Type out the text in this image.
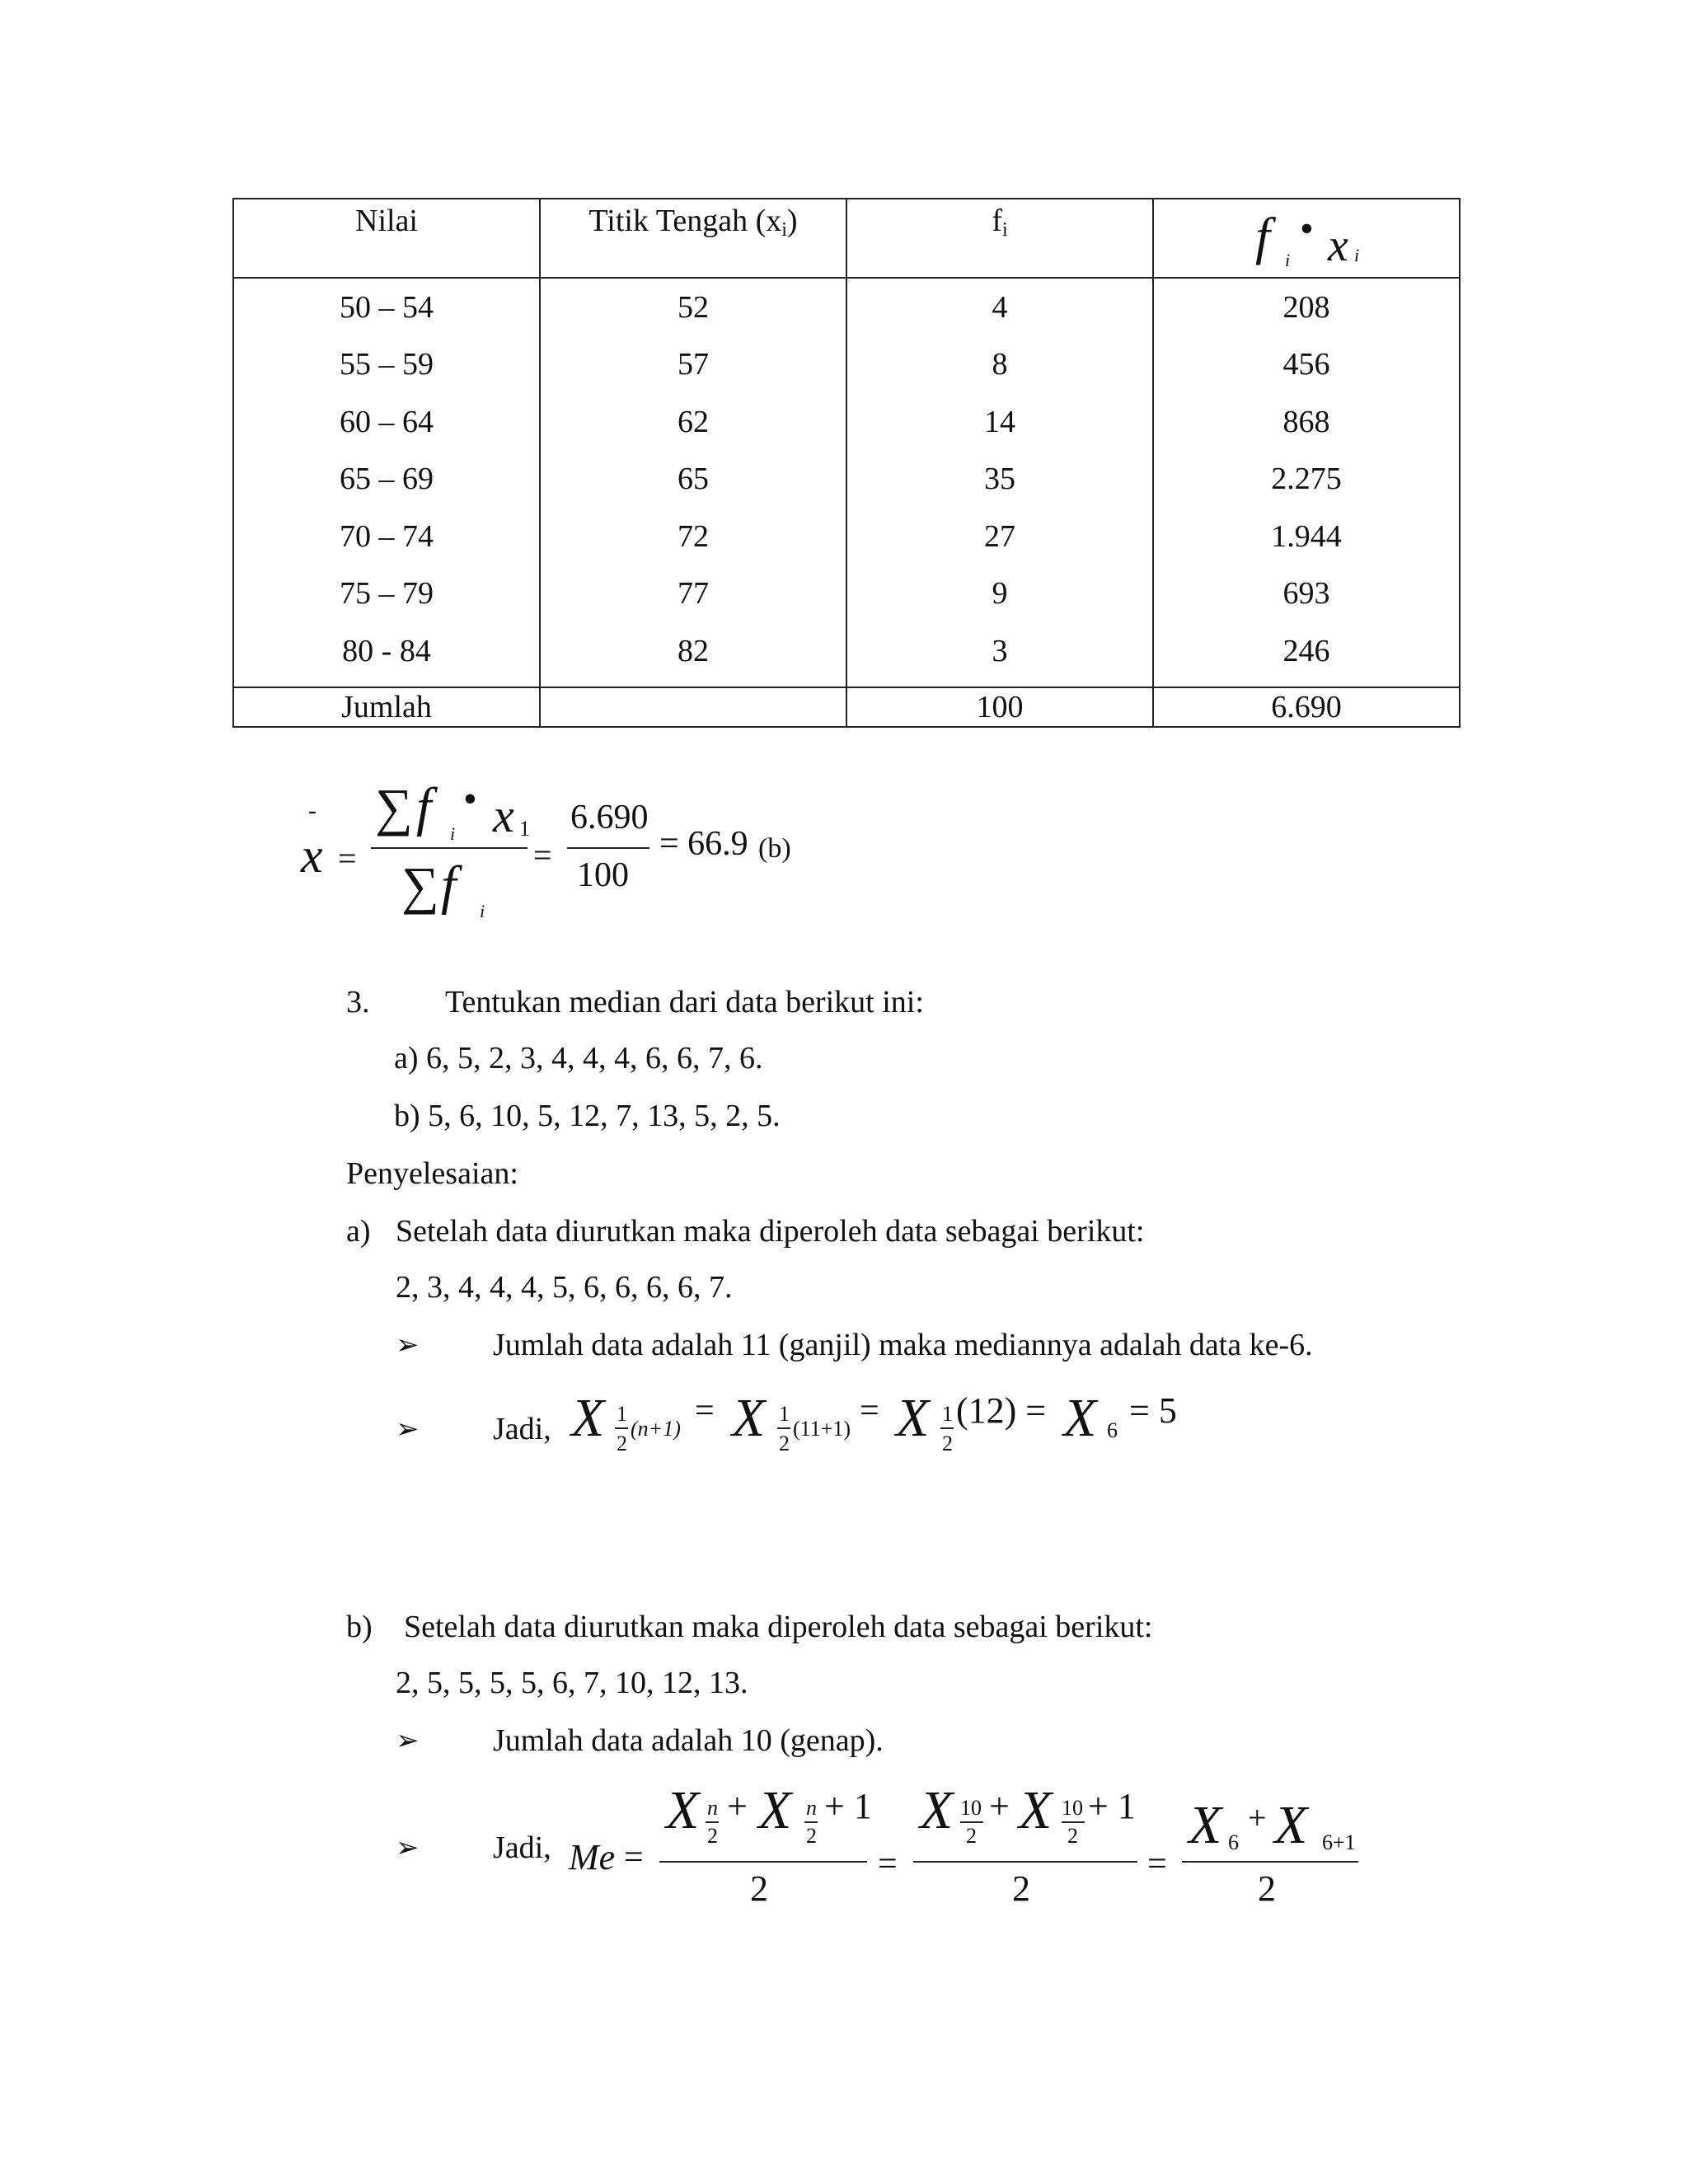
Nilai	Titik Tengah $(x_i)$	$f_i$	f i
• x i

50 – 54	52	4	208
55 – 59	57	8	456
60 – 64	62	14	868
65 – 69	65	35	2.275
70 – 74	72	27	1.944
75 – 79	77	9	693
80 - 84	82	3	246
Jumlah		100	6.690
-
x =
∑ f i
• x 1
∑ f i
=
6.690
100
= 66.9 (b)
3. Tentukan median dari data berikut ini:
a) 6, 5, 2, 3, 4, 4, 4, 6, 6, 7, 6.
b) 5, 6, 10, 5, 12, 7, 13, 5, 2, 5.
Penyelesaian:
a) Setelah data diurutkan maka diperoleh data sebagai berikut:
2, 3, 4, 4, 4, 5, 6, 6, 6, 6, 7.
➢ Jumlah data adalah 11 (ganjil) maka mediannya adalah data ke-6.
➢ Jadi, X 1
2
(n+1) = X 1
2
(11+1) = X 1
2
(12) = X 6 = 5
b) Setelah data diurutkan maka diperoleh data sebagai berikut:
2, 5, 5, 5, 5, 6, 7, 10, 12, 13.
➢ Jumlah data adalah 10 (genap).
➢ Jadi, Me =
X n
2
+ X n
2
+ 1
2
=
X 10
2
+ X 10
2
+ 1
2
=
X 6
+ X 6+1
2
